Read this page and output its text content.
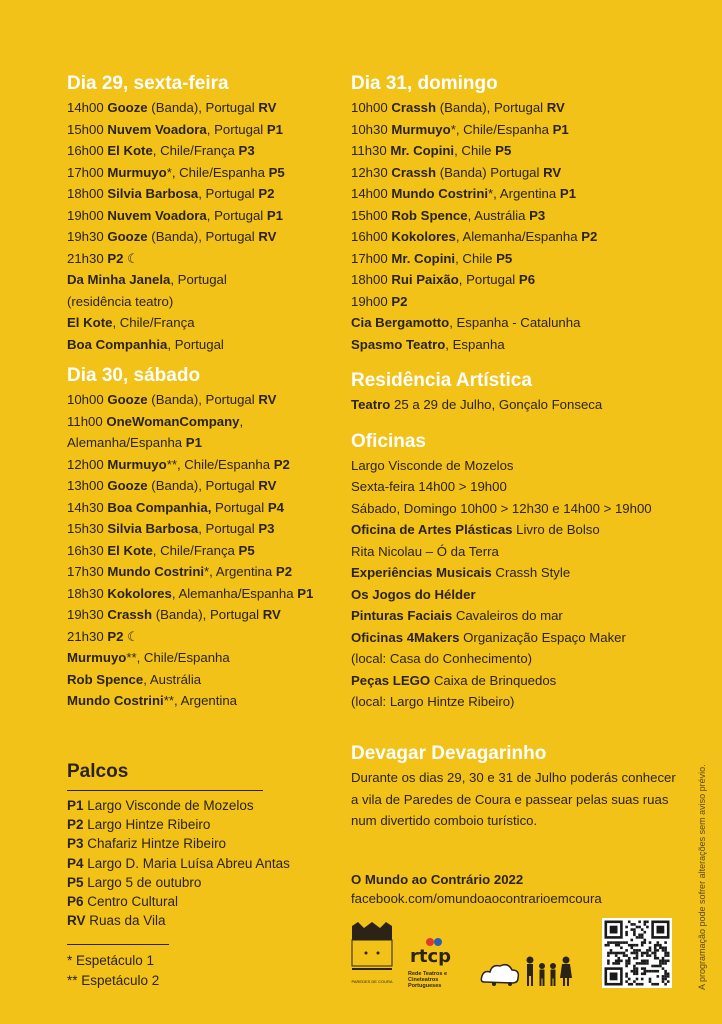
Dia 29, sexta-feira
14h00 Gooze (Banda), Portugal RV
15h00 Nuvem Voadora, Portugal P1
16h00 El Kote, Chile/França P3
17h00 Murmuyo*, Chile/Espanha P5
18h00 Silvia Barbosa, Portugal P2
19h00 Nuvem Voadora, Portugal P1
19h30 Gooze (Banda), Portugal RV
21h30 P2 ☾
Da Minha Janela, Portugal
(residência teatro)
El Kote, Chile/França
Boa Companhia, Portugal
Dia 30, sábado
10h00 Gooze (Banda), Portugal RV
11h00 OneWomanCompany,
Alemanha/Espanha P1
12h00 Murmuyo**, Chile/Espanha P2
13h00 Gooze (Banda), Portugal RV
14h30 Boa Companhia, Portugal P4
15h30 Silvia Barbosa, Portugal P3
16h30 El Kote, Chile/França P5
17h30 Mundo Costrini*, Argentina P2
18h30 Kokolores, Alemanha/Espanha P1
19h30 Crassh (Banda), Portugal RV
21h30 P2 ☾
Murmuyo**, Chile/Espanha
Rob Spence, Austrália
Mundo Costrini**, Argentina
Dia 31, domingo
10h00 Crassh (Banda), Portugal RV
10h30 Murmuyo*, Chile/Espanha P1
11h30 Mr. Copini, Chile P5
12h30 Crassh (Banda) Portugal RV
14h00 Mundo Costrini*, Argentina P1
15h00 Rob Spence, Austrália P3
16h00 Kokolores, Alemanha/Espanha P2
17h00 Mr. Copini, Chile P5
18h00 Rui Paixão, Portugal P6
19h00 P2
Cia Bergamotto, Espanha - Catalunha
Spasmo Teatro, Espanha
Residência Artística
Teatro 25 a 29 de Julho, Gonçalo Fonseca
Oficinas
Largo Visconde de Mozelos
Sexta-feira 14h00 > 19h00
Sábado, Domingo 10h00 > 12h30 e 14h00 > 19h00
Oficina de Artes Plásticas Livro de Bolso
Rita Nicolau – Ó da Terra
Experiências Musicais Crassh Style
Os Jogos do Hélder
Pinturas Faciais Cavaleiros do mar
Oficinas 4Makers Organização Espaço Maker
(local: Casa do Conhecimento)
Peças LEGO Caixa de Brinquedos
(local: Largo Hintze Ribeiro)
Devagar Devagarinho
Durante os dias 29, 30 e 31 de Julho poderás conhecer a vila de Paredes de Coura e passear pelas suas ruas num divertido comboio turístico.
O Mundo ao Contrário 2022
facebook.com/omundoaocontrarioemcoura
Palcos
P1 Largo Visconde de Mozelos
P2 Largo Hintze Ribeiro
P3 Chafariz Hintze Ribeiro
P4 Largo D. Maria Luísa Abreu Antas
P5 Largo 5 de outubro
P6 Centro Cultural
RV Ruas da Vila
* Espetáculo 1
** Espetáculo 2	A programação pode sofrer alterações sem aviso prévio.
PAREDES DE COURA
rtcp
Rede Teatros e Cineteatros Portugueses
